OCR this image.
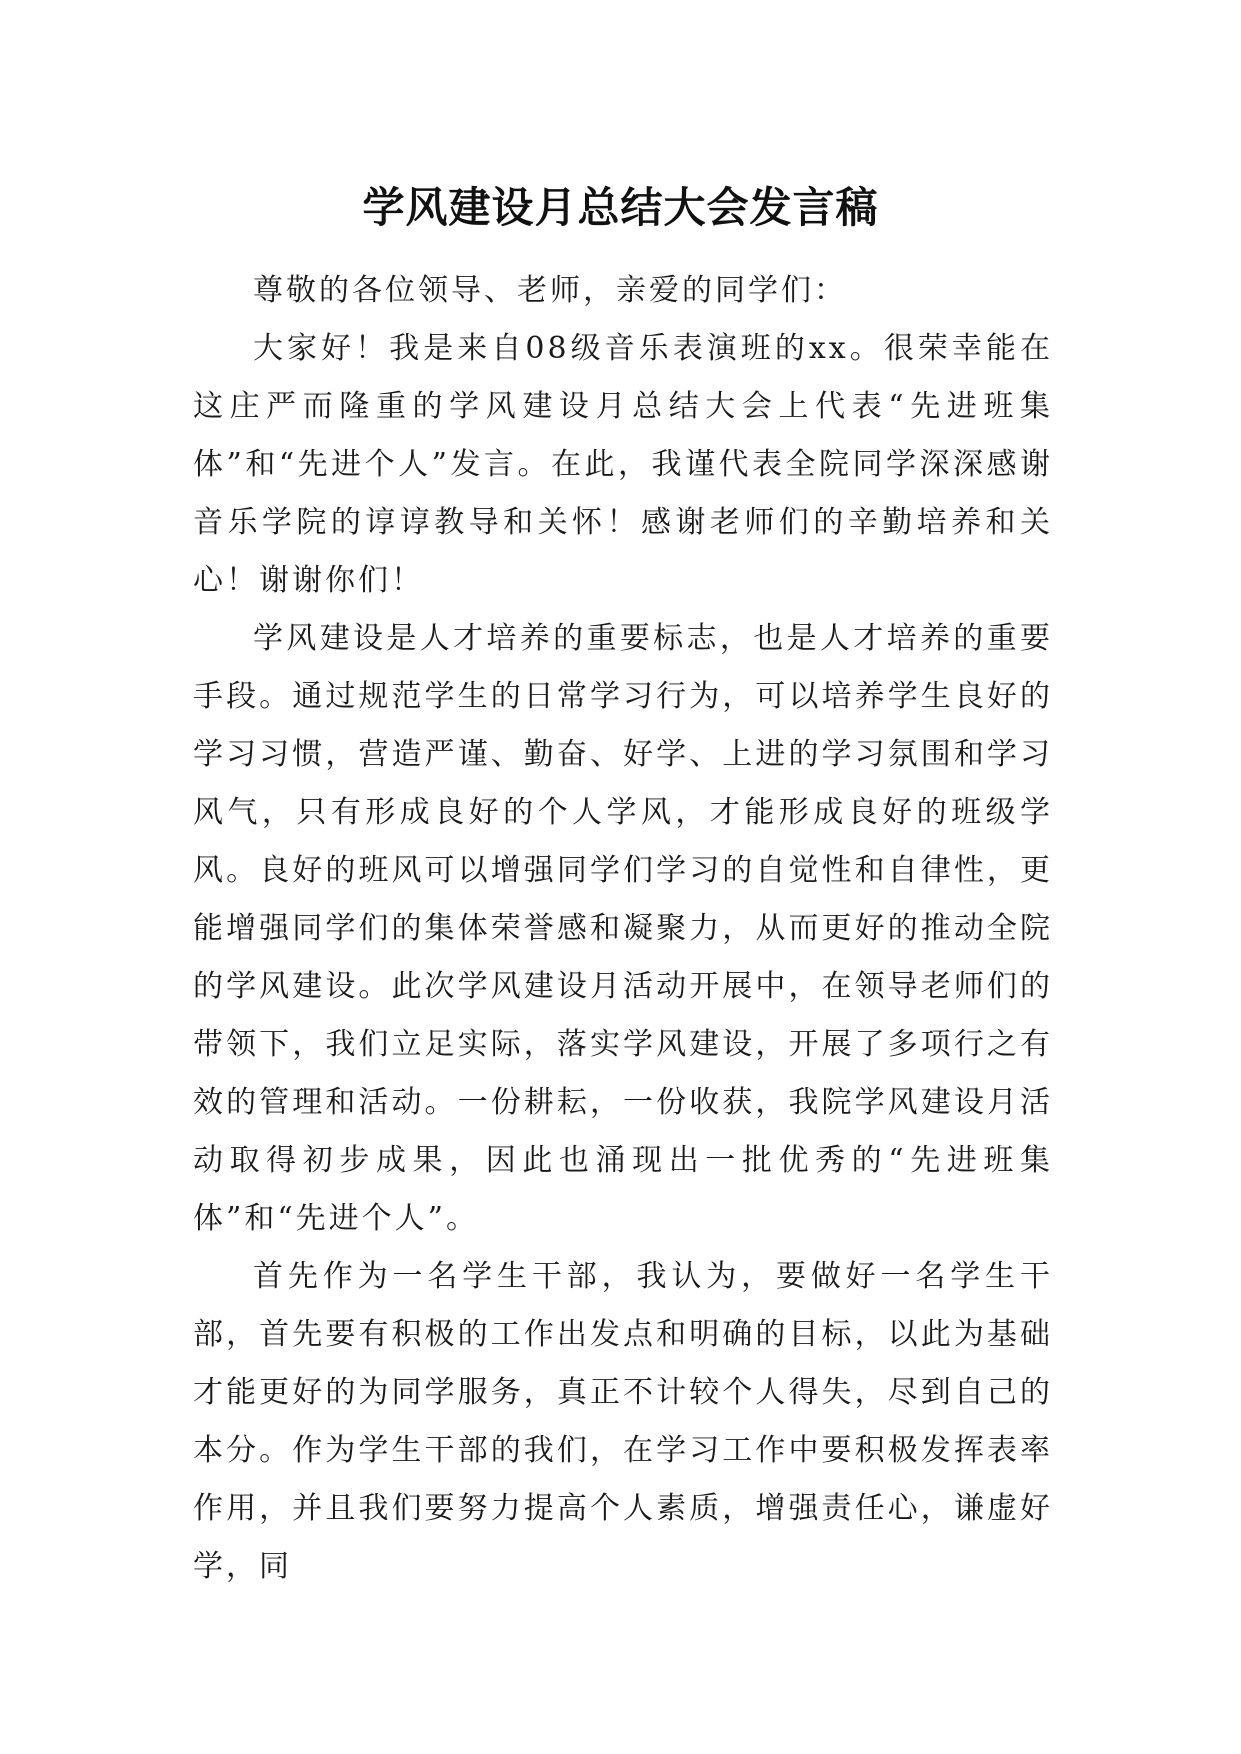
学风建设月总结大会发言稿

尊敬的各位领导、老师，亲爱的同学们：

大家好！我是来自08级音乐表演班的xx。很荣幸能在这庄严而隆重的学风建设月总结大会上代表“先进班集体”和“先进个人”发言。在此，我谨代表全院同学深深感谢音乐学院的谆谆教导和关怀！感谢老师们的辛勤培养和关心！谢谢你们！

学风建设是人才培养的重要标志，也是人才培养的重要手段。通过规范学生的日常学习行为，可以培养学生良好的学习习惯，营造严谨、勤奋、好学、上进的学习氛围和学习风气，只有形成良好的个人学风，才能形成良好的班级学风。良好的班风可以增强同学们学习的自觉性和自律性，更能增强同学们的集体荣誉感和凝聚力，从而更好的推动全院的学风建设。此次学风建设月活动开展中，在领导老师们的带领下，我们立足实际，落实学风建设，开展了多项行之有效的管理和活动。一份耕耘，一份收获，我院学风建设月活动取得初步成果，因此也涌现出一批优秀的“先进班集体”和“先进个人”。

首先作为一名学生干部，我认为，要做好一名学生干部，首先要有积极的工作出发点和明确的目标，以此为基础才能更好的为同学服务，真正不计较个人得失，尽到自己的本分。作为学生干部的我们，在学习工作中要积极发挥表率作用，并且我们要努力提高个人素质，增强责任心，谦虚好学，同
